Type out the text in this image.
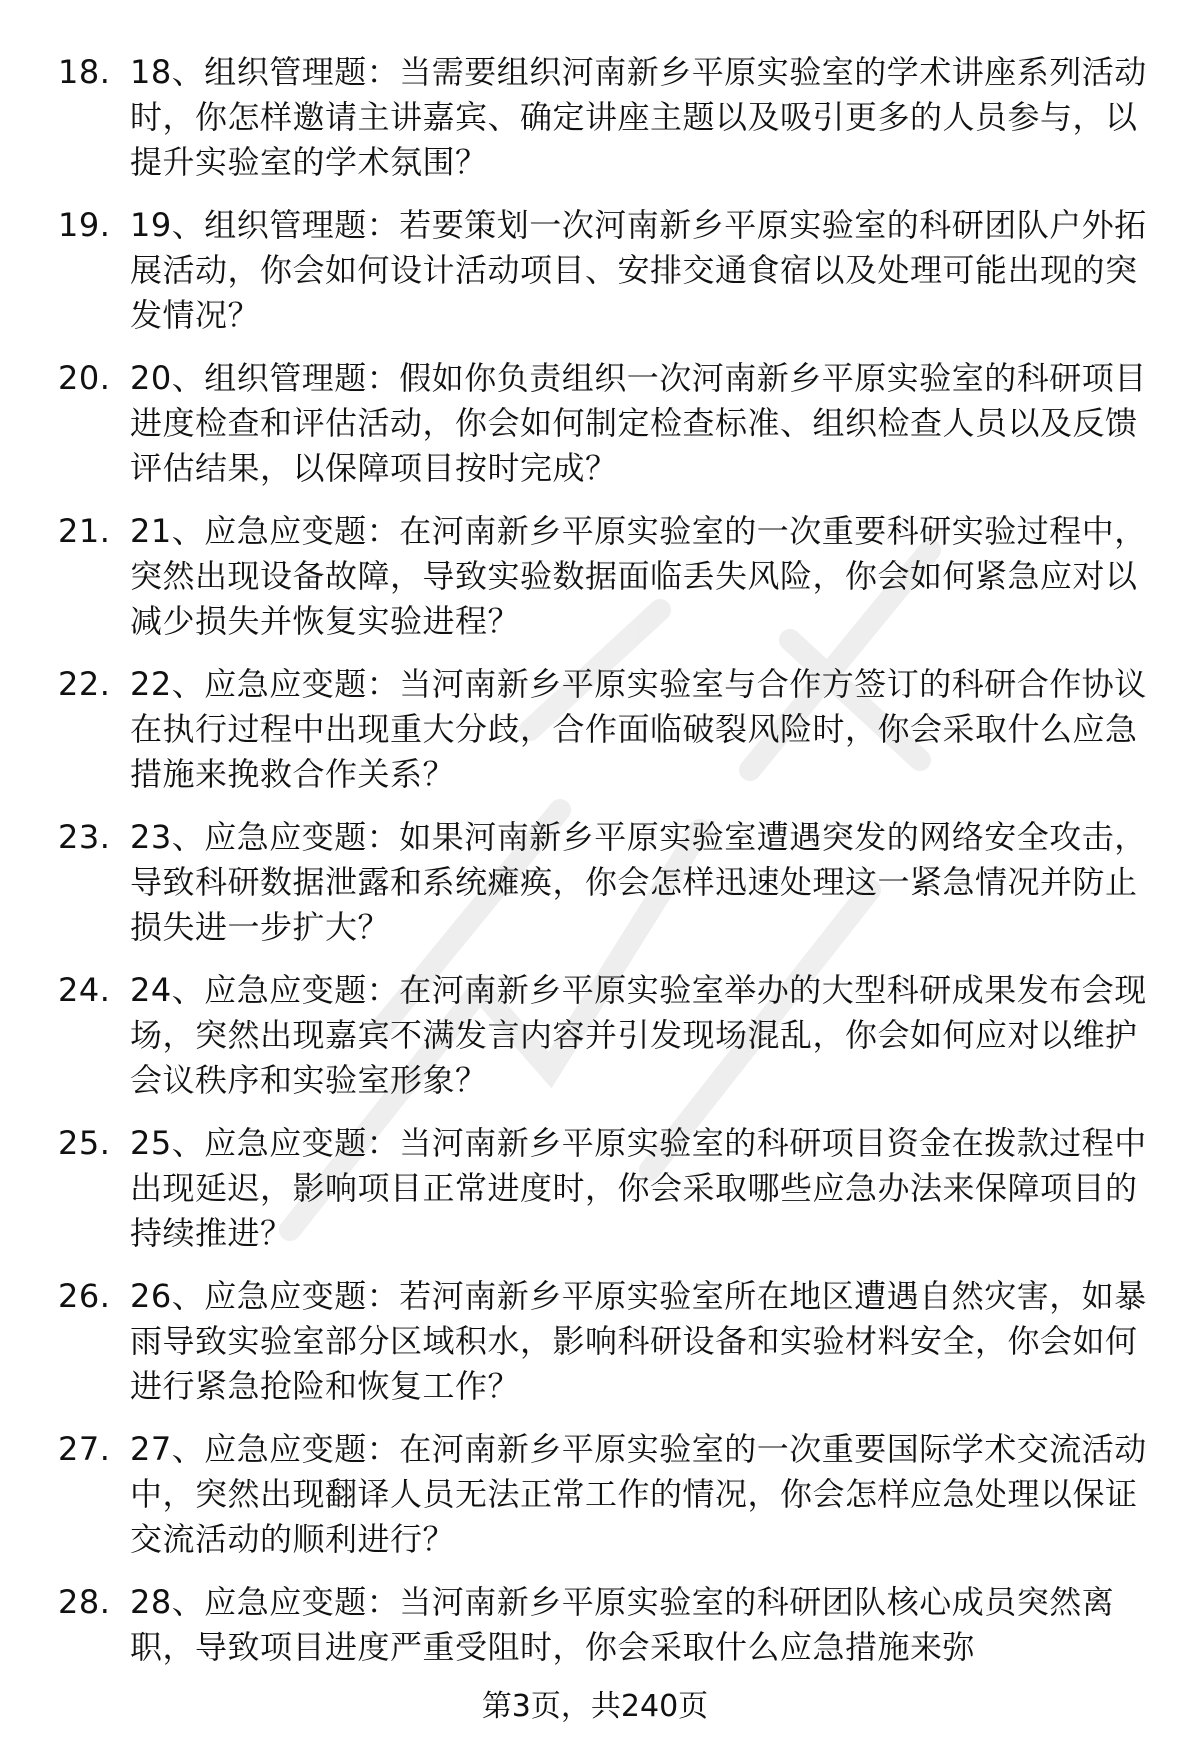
18. 18、组织管理题：当需要组织河南新乡平原实验室的学术讲座系列活动时，你怎样邀请主讲嘉宾、确定讲座主题以及吸引更多的人员参与，以提升实验室的学术氛围？
19. 19、组织管理题：若要策划一次河南新乡平原实验室的科研团队户外拓展活动，你会如何设计活动项目、安排交通食宿以及处理可能出现的突发情况？
20. 20、组织管理题：假如你负责组织一次河南新乡平原实验室的科研项目进度检查和评估活动，你会如何制定检查标准、组织检查人员以及反馈评估结果，以保障项目按时完成？
21. 21、应急应变题：在河南新乡平原实验室的一次重要科研实验过程中，突然出现设备故障，导致实验数据面临丢失风险，你会如何紧急应对以减少损失并恢复实验进程？
22. 22、应急应变题：当河南新乡平原实验室与合作方签订的科研合作协议在执行过程中出现重大分歧，合作面临破裂风险时，你会采取什么应急措施来挽救合作关系？
23. 23、应急应变题：如果河南新乡平原实验室遭遇突发的网络安全攻击，导致科研数据泄露和系统瘫痪，你会怎样迅速处理这一紧急情况并防止损失进一步扩大？
24. 24、应急应变题：在河南新乡平原实验室举办的大型科研成果发布会现场，突然出现嘉宾不满发言内容并引发现场混乱，你会如何应对以维护会议秩序和实验室形象？
25. 25、应急应变题：当河南新乡平原实验室的科研项目资金在拨款过程中出现延迟，影响项目正常进度时，你会采取哪些应急办法来保障项目的持续推进？
26. 26、应急应变题：若河南新乡平原实验室所在地区遭遇自然灾害，如暴雨导致实验室部分区域积水，影响科研设备和实验材料安全，你会如何进行紧急抢险和恢复工作？
27. 27、应急应变题：在河南新乡平原实验室的一次重要国际学术交流活动中，突然出现翻译人员无法正常工作的情况，你会怎样应急处理以保证交流活动的顺利进行？
28. 28、应急应变题：当河南新乡平原实验室的科研团队核心成员突然离职，导致项目进度严重受阻时，你会采取什么应急措施来弥
第3页，共240页
